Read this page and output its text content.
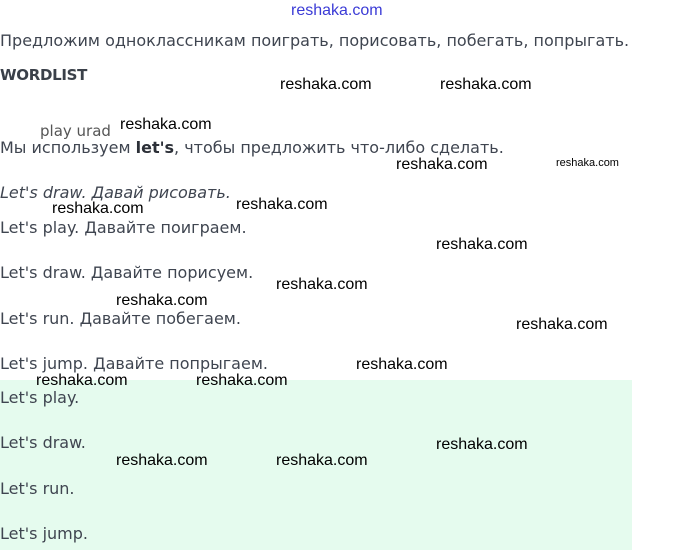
reshaka.com
Предложим одноклассникам поиграть, порисовать, побегать, попрыгать.
WORDLIST
play urad
Мы используем let's, чтобы предложить что-либо сделать.
Let's draw. Давай рисовать.
Let's play. Давайте поиграем.
Let's draw. Давайте порисуем.
Let's run. Давайте побегаем.
Let's jump. Давайте попрыгаем.
Let's play.
Let's draw.
Let's run.
Let's jump.
reshaka.com	reshaka.com
reshaka.com
reshaka.com	reshaka.com
reshaka.com	reshaka.com
reshaka.com
reshaka.com
reshaka.com
reshaka.com
reshaka.com
reshaka.com	reshaka.com
reshaka.com
reshaka.com	reshaka.com
